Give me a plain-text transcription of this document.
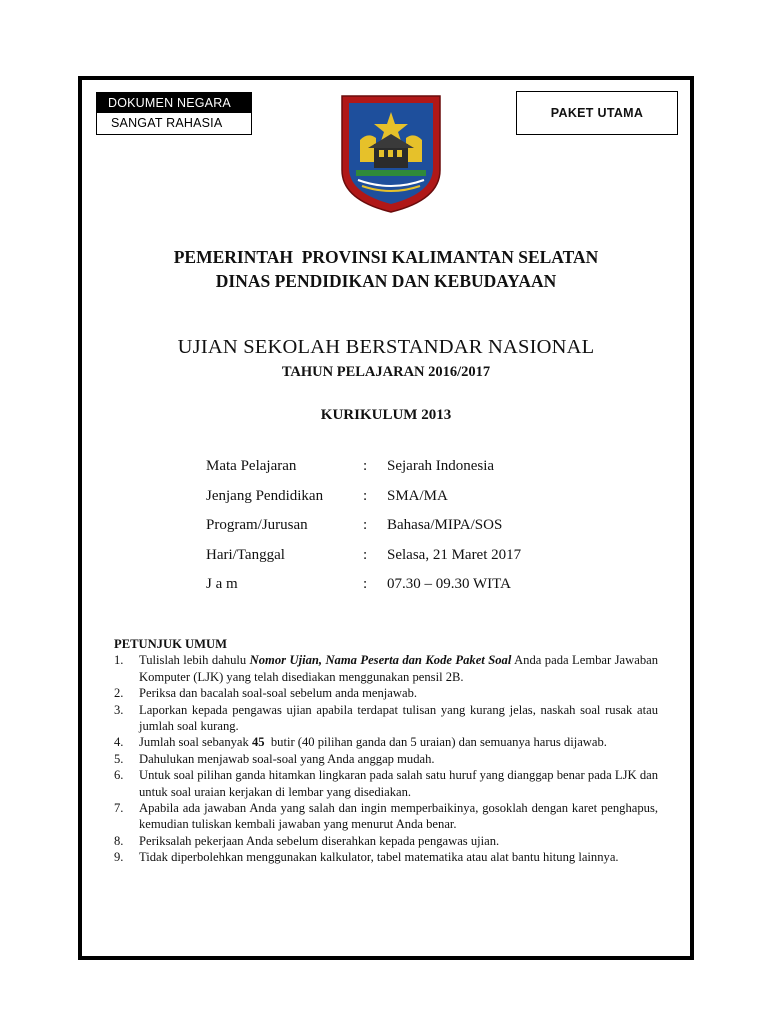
DOKUMEN NEGARA
SANGAT RAHASIA
PAKET UTAMA
PEMERINTAH  PROVINSI KALIMANTAN SELATAN
DINAS PENDIDIKAN DAN KEBUDAYAAN
UJIAN SEKOLAH BERSTANDAR NASIONAL
TAHUN PELAJARAN 2016/2017
KURIKULUM 2013
Mata Pelajaran	:	Sejarah Indonesia
Jenjang Pendidikan	:	SMA/MA
Program/Jurusan	:	Bahasa/MIPA/SOS
Hari/Tanggal	:	Selasa, 21 Maret 2017
J a m	:	07.30 – 09.30 WITA
PETUNJUK UMUM
1.	Tulislah lebih dahulu Nomor Ujian, Nama Peserta dan Kode Paket Soal Anda pada Lembar Jawaban Komputer (LJK) yang telah disediakan menggunakan pensil 2B.
2.	Periksa dan bacalah soal-soal sebelum anda menjawab.
3.	Laporkan kepada pengawas ujian apabila terdapat tulisan yang kurang jelas, naskah soal rusak atau jumlah soal kurang.
4.	Jumlah soal sebanyak 45  butir (40 pilihan ganda dan 5 uraian) dan semuanya harus dijawab.
5.	Dahulukan menjawab soal-soal yang Anda anggap mudah.
6.	Untuk soal pilihan ganda hitamkan lingkaran pada salah satu huruf yang dianggap benar pada LJK dan untuk soal uraian kerjakan di lembar yang disediakan.
7.	Apabila ada jawaban Anda yang salah dan ingin memperbaikinya, gosoklah dengan karet penghapus, kemudian tuliskan kembali jawaban yang menurut Anda benar.
8.	Periksalah pekerjaan Anda sebelum diserahkan kepada pengawas ujian.
9.	Tidak diperbolehkan menggunakan kalkulator, tabel matematika atau alat bantu hitung lainnya.
